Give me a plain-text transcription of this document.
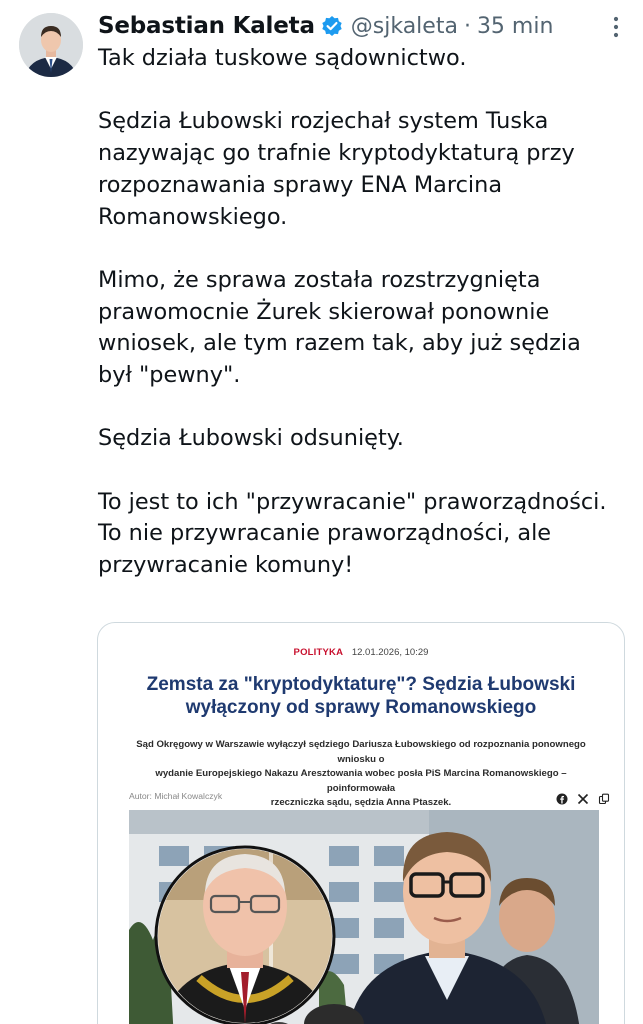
Sebastian Kaleta @sjkaleta · 35 min

Tak działa tuskowe sądownictwo.

Sędzia Łubowski rozjechał system Tuska

nazywając go trafnie kryptodyktaturą przy

rozpoznawania sprawy ENA Marcina

Romanowskiego.

Mimo, że sprawa została rozstrzygnięta

prawomocnie Żurek skierował ponownie

wniosek, ale tym razem tak, aby już sędzia

był "pewny".

Sędzia Łubowski odsunięty.

To jest to ich "przywracanie" praworządności.

To nie przywracanie praworządności, ale

przywracanie komuny!

POLITYKA 12.01.2026, 10:29
Zemsta za "kryptodyktaturę"? Sędzia Łubowski
wyłączony od sprawy Romanowskiego
Sąd Okręgowy w Warszawie wyłączył sędziego Dariusza Łubowskiego od rozpoznania ponownego wniosku o
wydanie Europejskiego Nakazu Aresztowania wobec posła PiS Marcina Romanowskiego – poinformowała
rzeczniczka sądu, sędzia Anna Ptaszek.
Autor: Michał Kowalczyk
